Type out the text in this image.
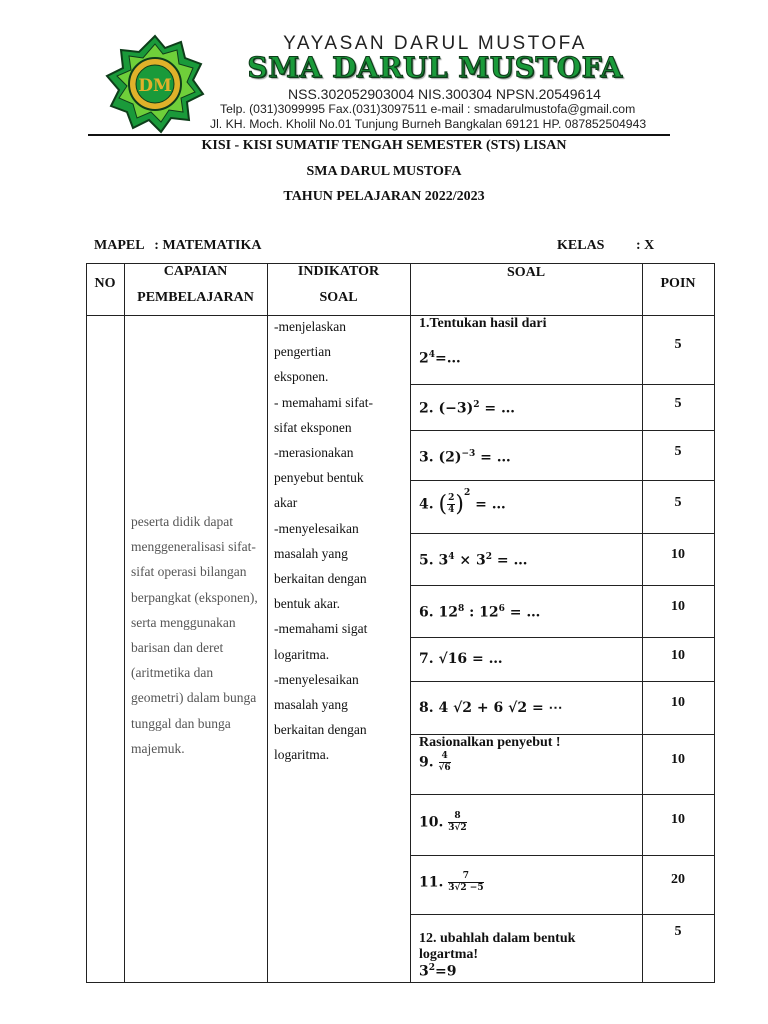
DM
YAYASAN DARUL MUSTOFA
SMA DARUL MUSTOFA
NSS.302052903004 NIS.300304 NPSN.20549614
Telp. (031)3099995 Fax.(031)3097511 e-mail : smadarulmustofa@gmail.com
Jl. KH. Moch. Kholil No.01 Tunjung Burneh Bangkalan 69121 HP. 087852504943
KISI - KISI SUMATIF TENGAH SEMESTER (STS) LISAN
SMA DARUL MUSTOFA
TAHUN PELAJARAN 2022/2023
MAPEL   : MATEMATIKA	KELAS         : X
NO
CAPAIAN
PEMBELAJARAN
INDIKATOR
SOAL
SOAL
POIN
peserta didik dapat menggeneralisasi sifat-sifat operasi bilangan berpangkat (eksponen), serta menggunakan barisan dan deret (aritmetika dan geometri) dalam bunga tunggal dan bunga majemuk.
-menjelaskan
pengertian
eksponen.
- memahami sifat-
sifat eksponen
-merasionakan
penyebut bentuk
akar
-menyelesaikan
masalah yang
berkaitan dengan
bentuk akar.
-memahami sigat
logaritma.
-menyelesaikan
masalah yang
berkaitan dengan
logaritma.
1.Tentukan hasil dari
$2^4=\dots$
2. $(-3)^2$ = …
3. $(2)^{-3}$ = …
4. ( $\frac{2}{4} )^2$ = …
5. $3^4 \times 3^2$ = …
6. $12^8$ : $12^6$ = …
7. √16 = …
8. 4 √2 + 6 √2 = ⋯
Rasionalkan penyebut !
9. $\frac{4}{√6}$
10. $\frac{8}{3√2}$
11. $\frac{7}{3√2 -5}$
12. ubahlah dalam bentuk
logartma!
$3^2=9$
5
5
5
5
10
10
10
10
10
10
20
5
